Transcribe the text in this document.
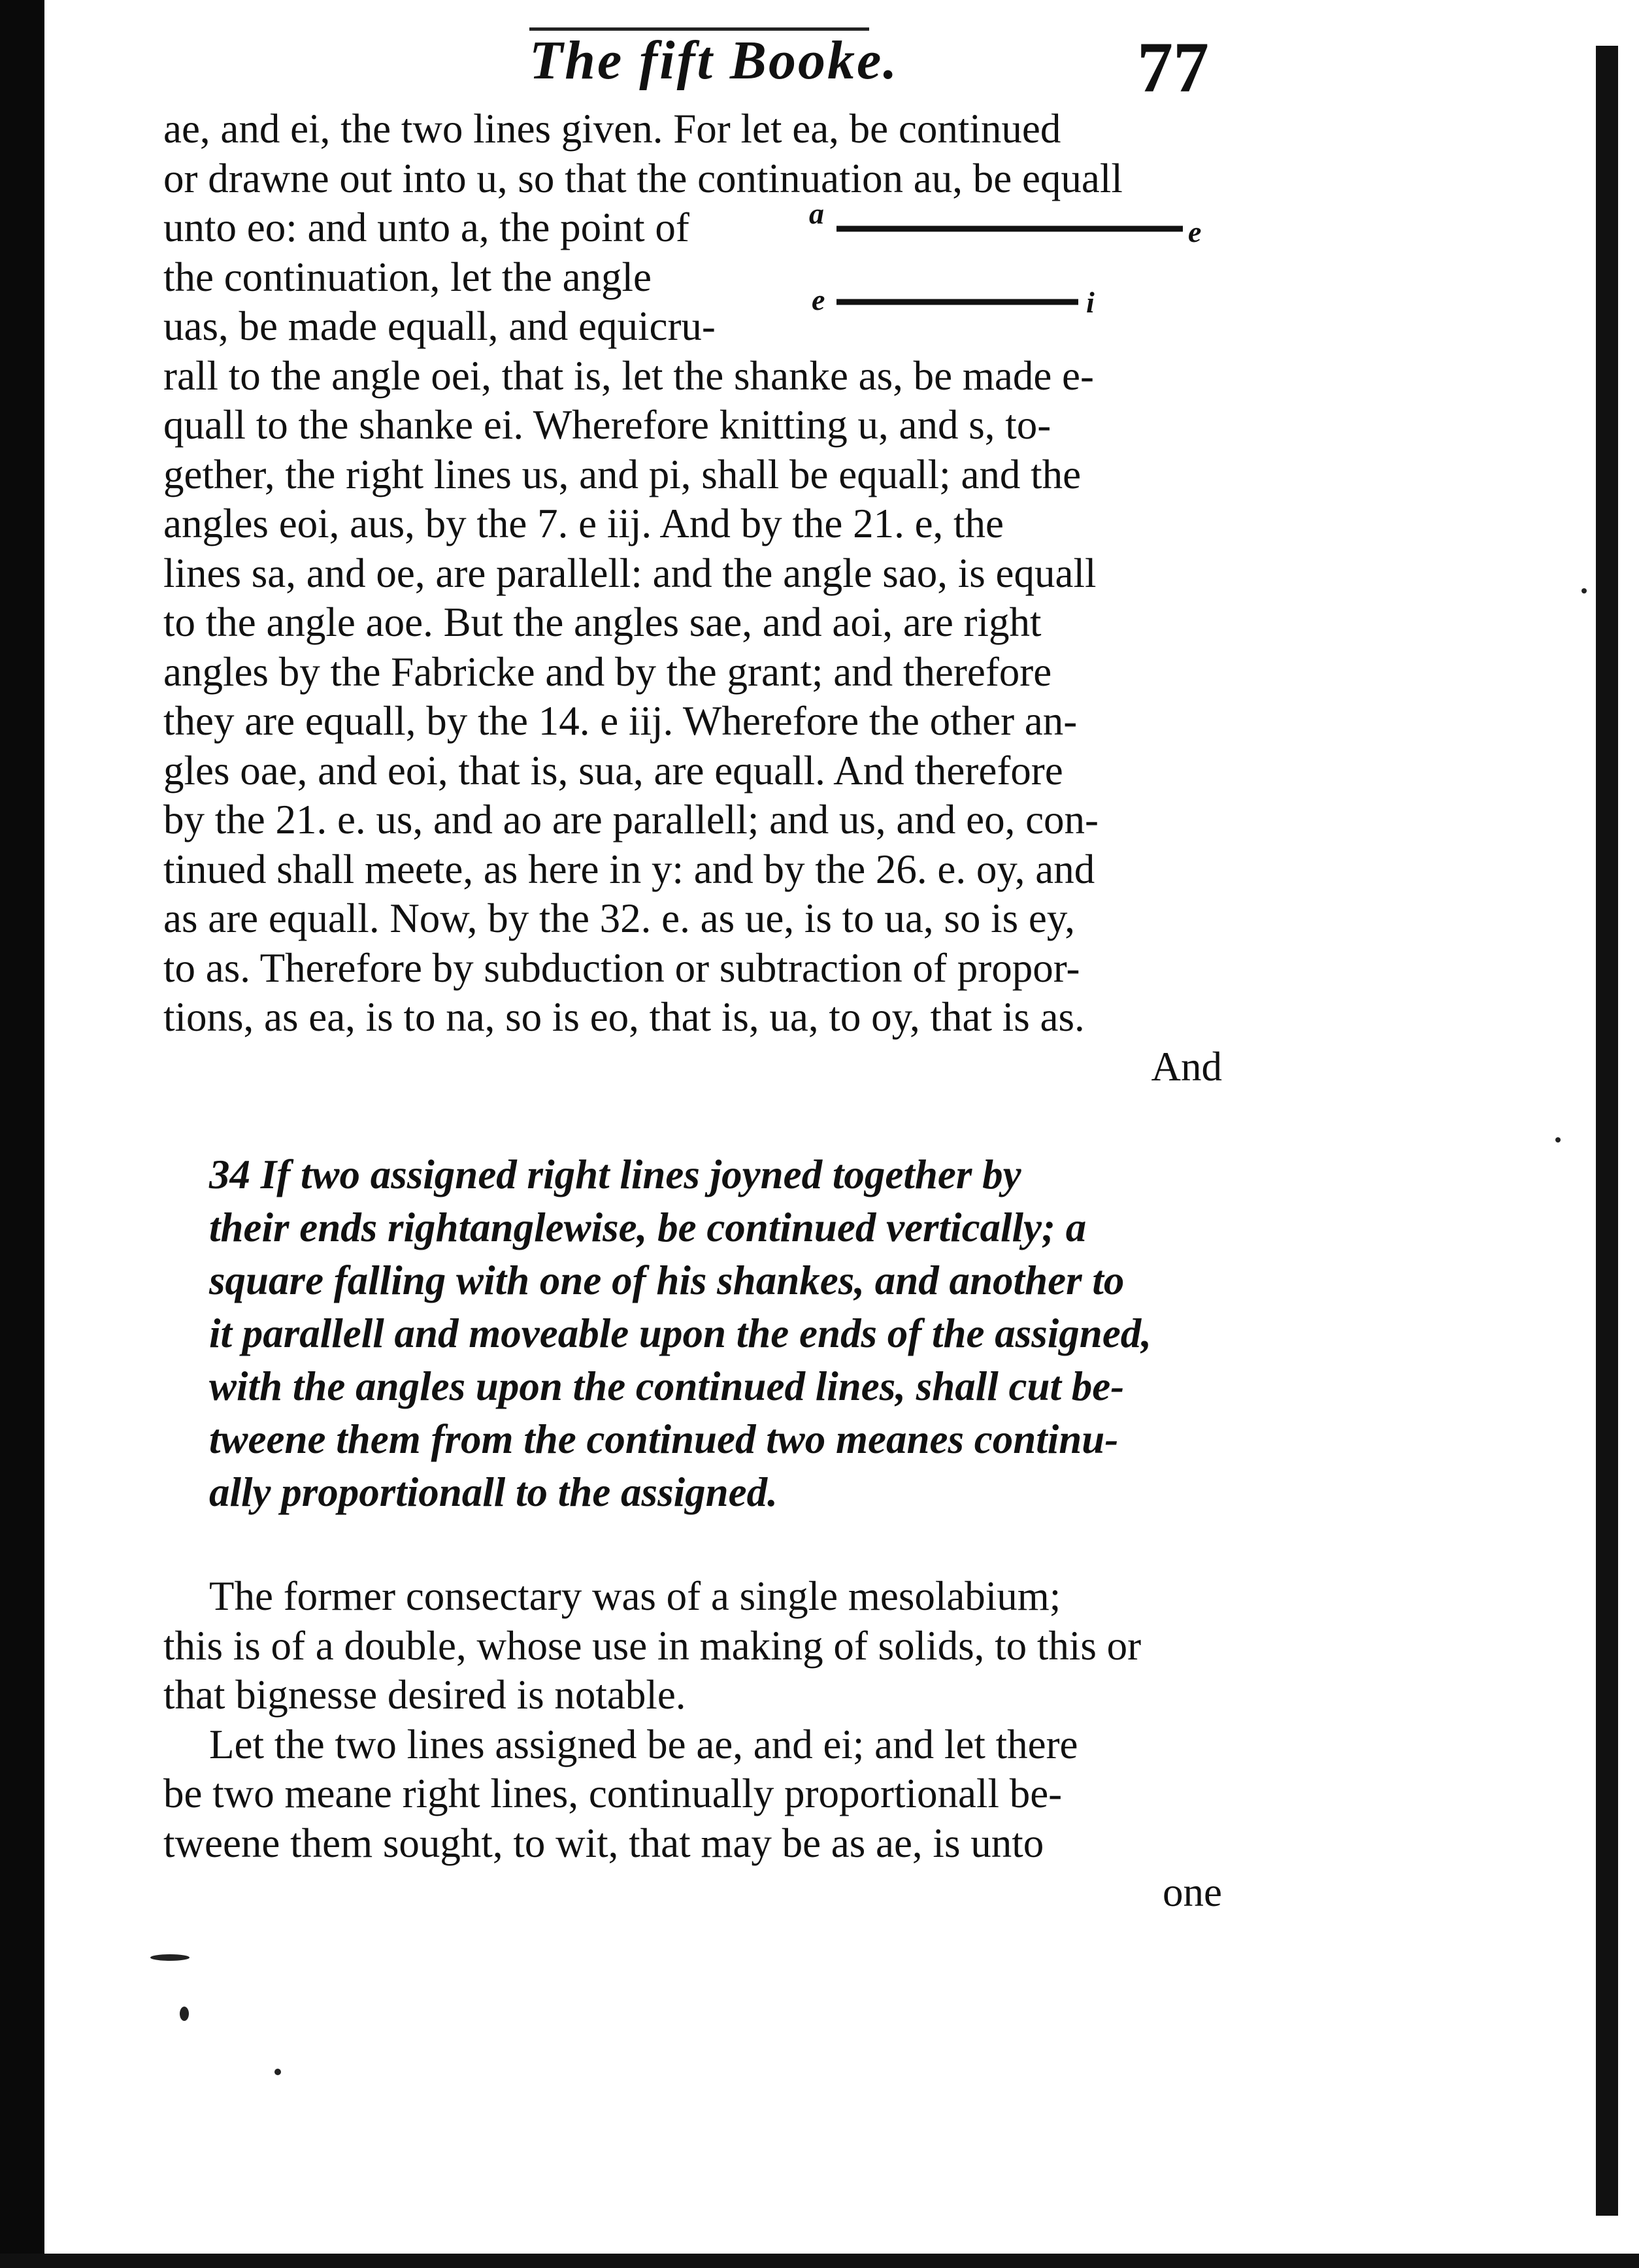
The fift Booke.	77
a
e
e	i
ae, and ei, the two lines given. For let ea, be continued
or drawne out into u, so that the continuation au, be equall
unto eo: and unto a, the point of
the continuation, let the angle
uas, be made equall, and equicru-
rall to the angle oei, that is, let the shanke as, be made e-
quall to the shanke ei. Wherefore knitting u, and s, to-
gether, the right lines us, and pi, shall be equall; and the
angles eoi, aus, by the 7. e iij. And by the 21. e, the
lines sa, and oe, are parallell: and the angle sao, is equall
to the angle aoe. But the angles sae, and aoi, are right
angles by the Fabricke and by the grant; and therefore
they are equall, by the 14. e iij. Wherefore the other an-
gles oae, and eoi, that is, sua, are equall. And therefore
by the 21. e. us, and ao are parallell; and us, and eo, con-
tinued shall meete, as here in y: and by the 26. e. oy, and
as are equall. Now, by the 32. e. as ue, is to ua, so is ey,
to as. Therefore by subduction or subtraction of propor-
tions, as ea, is to na, so is eo, that is, ua, to oy, that is as.
And
34 If two assigned right lines joyned together by
their ends rightanglewise, be continued vertically; a
square falling with one of his shankes, and another to
it parallell and moveable upon the ends of the assigned,
with the angles upon the continued lines, shall cut be-
tweene them from the continued two meanes continu-
ally proportionall to the assigned.
The former consectary was of a single mesolabium;
this is of a double, whose use in making of solids, to this or
that bignesse desired is notable.
Let the two lines assigned be ae, and ei; and let there
be two meane right lines, continually proportionall be-
tweene them sought, to wit, that may be as ae, is unto
one
